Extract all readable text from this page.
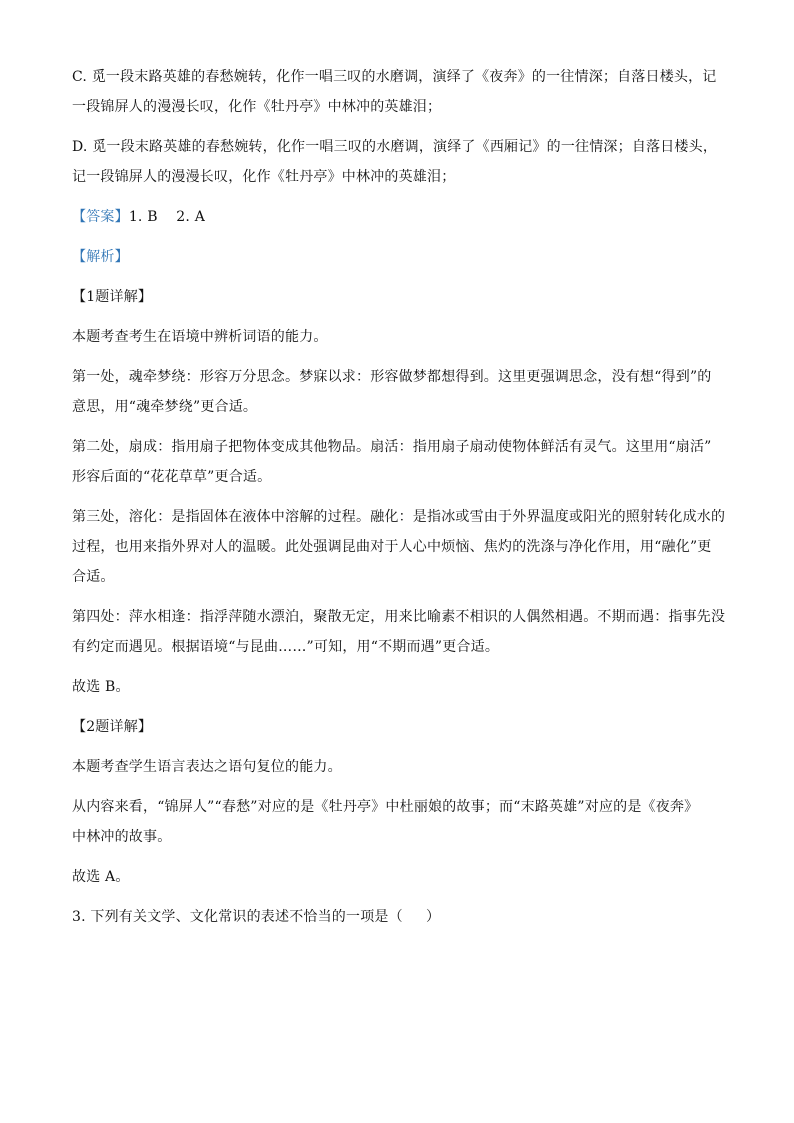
C. 觅一段末路英雄的春愁婉转，化作一唱三叹的水磨调，演绎了《夜奔》的一往情深；自落日楼头，记
一段锦屏人的漫漫长叹，化作《牡丹亭》中林冲的英雄泪；
D. 觅一段末路英雄的春愁婉转，化作一唱三叹的水磨调，演绎了《西厢记》的一往情深；自落日楼头，
记一段锦屏人的漫漫长叹，化作《牡丹亭》中林冲的英雄泪；
【答案】1. B    2. A
【解析】
【1题详解】
本题考查考生在语境中辨析词语的能力。
第一处，魂牵梦绕：形容万分思念。梦寐以求：形容做梦都想得到。这里更强调思念，没有想“得到”的
意思，用“魂牵梦绕”更合适。
第二处，扇成：指用扇子把物体变成其他物品。扇活：指用扇子扇动使物体鲜活有灵气。这里用“扇活”
形容后面的“花花草草”更合适。
第三处，溶化：是指固体在液体中溶解的过程。融化：是指冰或雪由于外界温度或阳光的照射转化成水的
过程，也用来指外界对人的温暖。此处强调昆曲对于人心中烦恼、焦灼的洗涤与净化作用，用“融化”更
合适。
第四处：萍水相逢：指浮萍随水漂泊，聚散无定，用来比喻素不相识的人偶然相遇。不期而遇：指事先没
有约定而遇见。根据语境“与昆曲……”可知，用“不期而遇”更合适。
故选 B。
【2题详解】
本题考查学生语言表达之语句复位的能力。
从内容来看，“锦屏人”“春愁”对应的是《牡丹亭》中杜丽娘的故事；而“末路英雄”对应的是《夜奔》
中林冲的故事。
故选 A。
3. 下列有关文学、文化常识的表述不恰当的一项是（     ）
